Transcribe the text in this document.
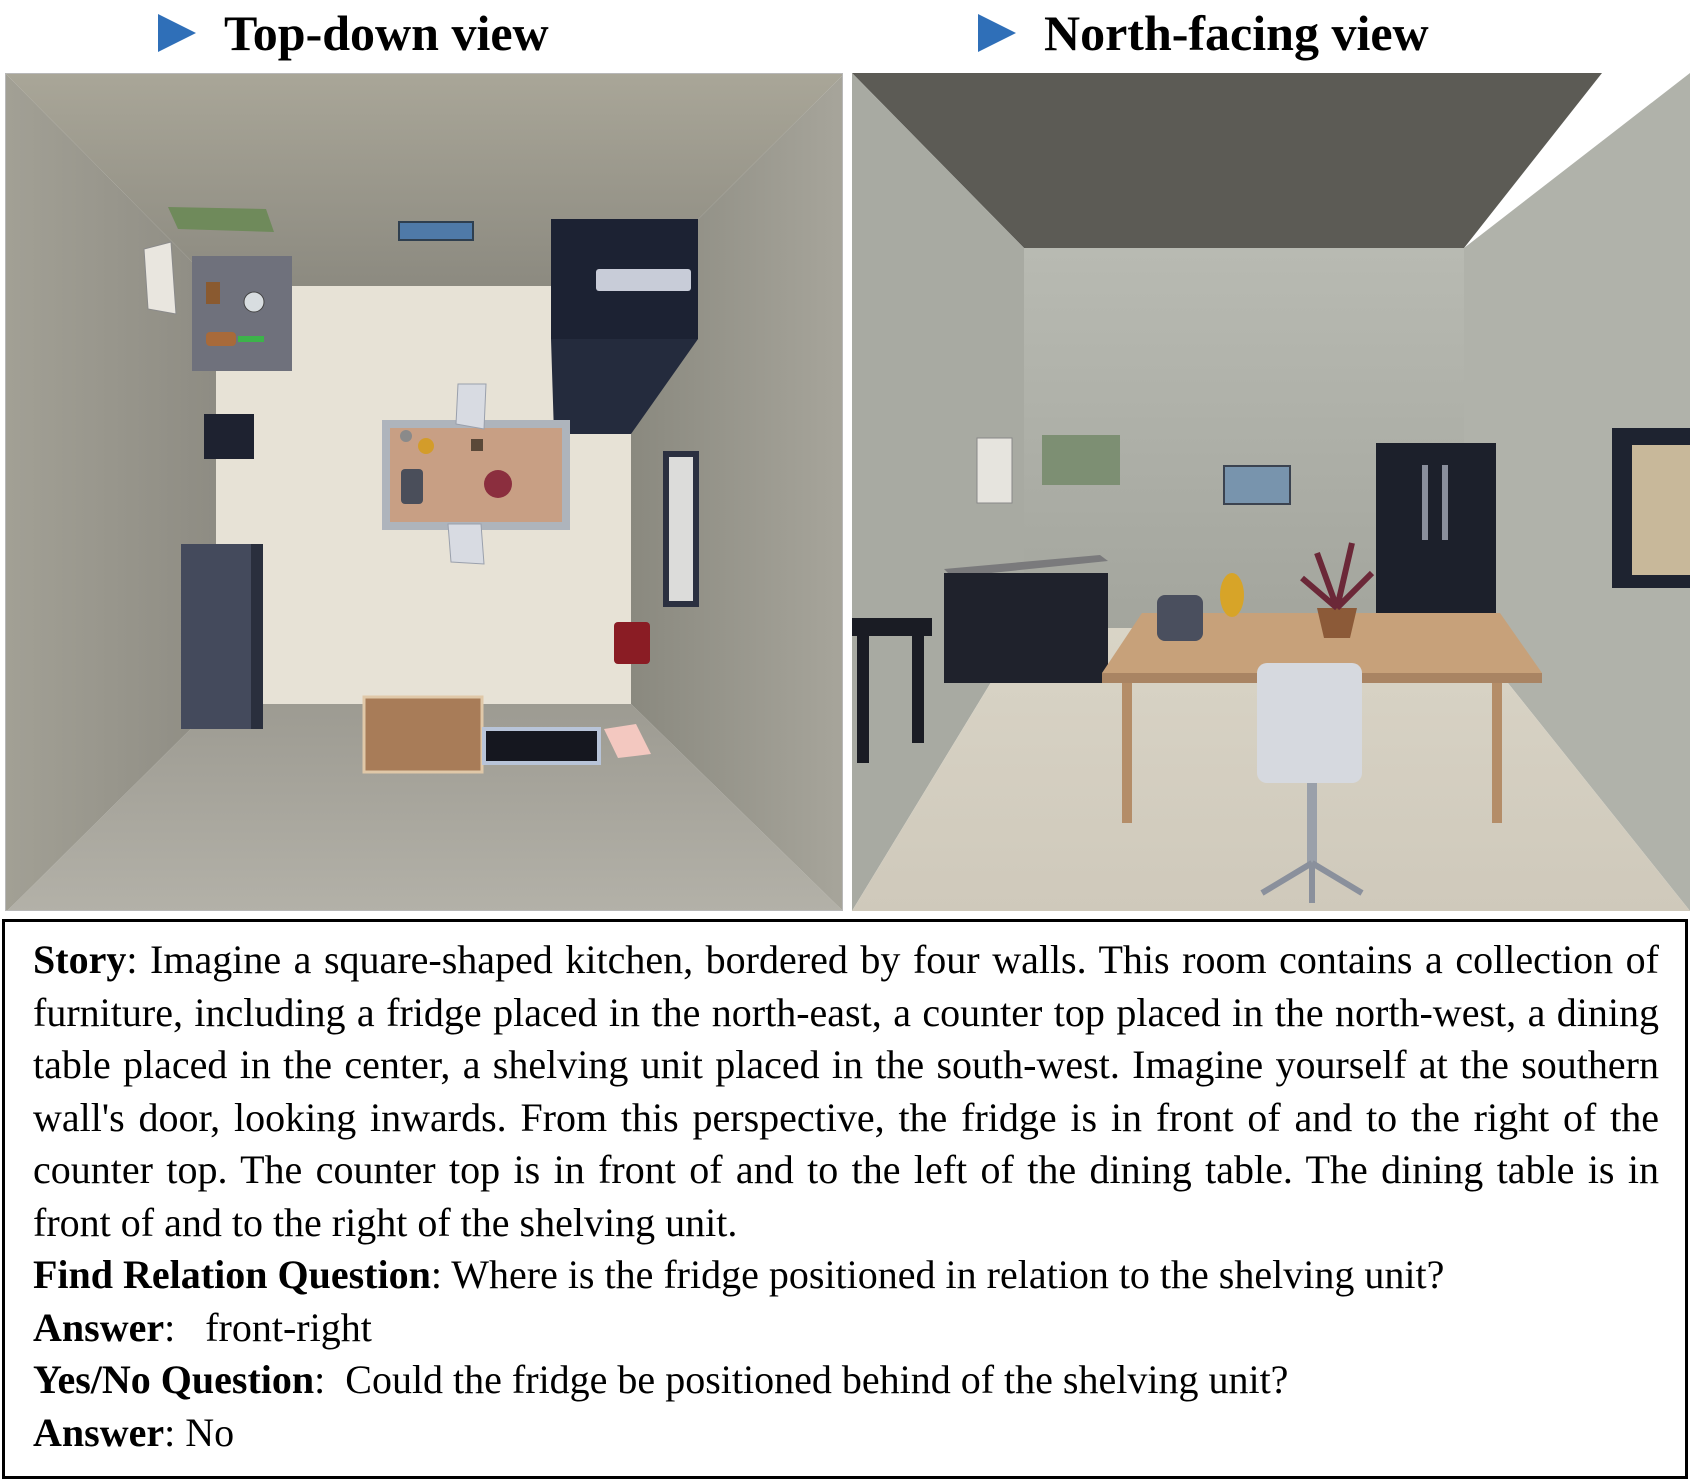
Top-down view	North-facing view

Story: Imagine a square-shaped kitchen, bordered by four walls. This room contains a collection of furniture, including a fridge placed in the north-east, a counter top placed in the north-west, a dining table placed in the center, a shelving unit placed in the south-west. Imagine yourself at the southern wall's door, looking inwards. From this perspective, the fridge is in front of and to the right of the counter top. The counter top is in front of and to the left of the dining table. The dining table is in front of and to the right of the shelving unit.

Find Relation Question: Where is the fridge positioned in relation to the shelving unit?

Answer:   front-right

Yes/No Question:  Could the fridge be positioned behind of the shelving unit?

Answer: No
